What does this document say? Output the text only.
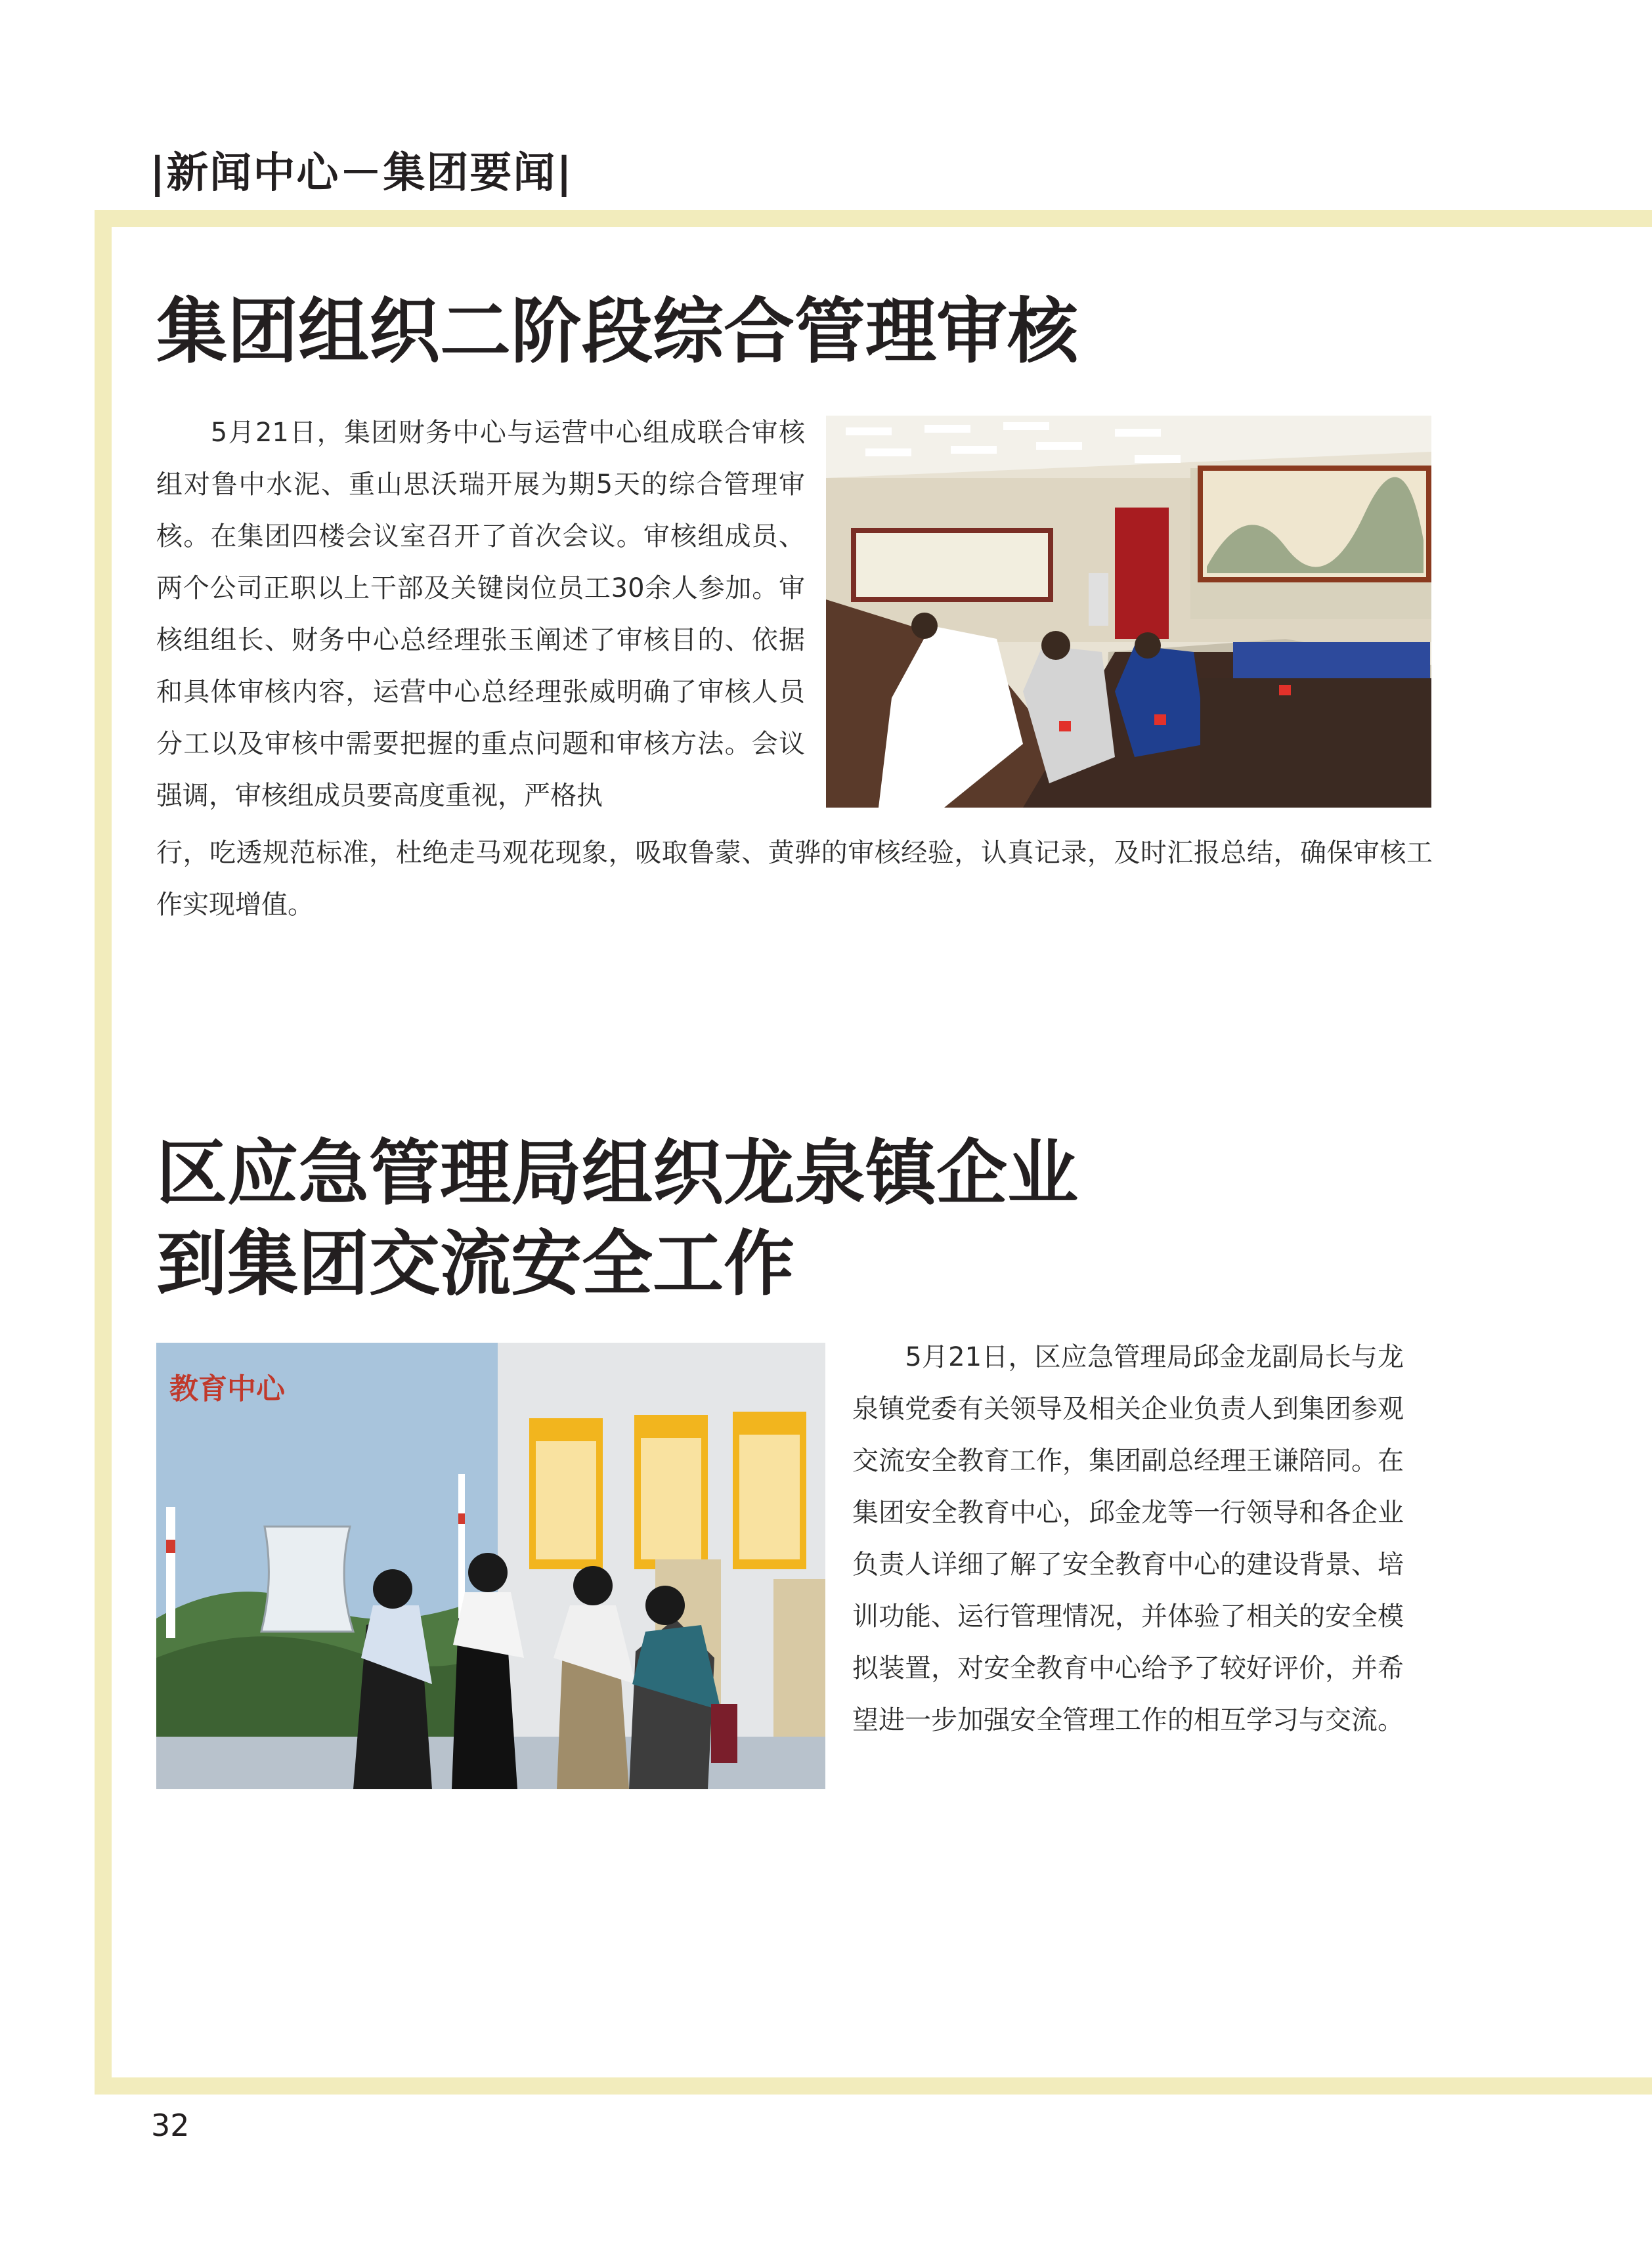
|新闻中心－集团要闻|
集团组织二阶段综合管理审核

　　5月21日，集团财务中心与运营中心组成联合审核组对鲁中水泥、重山思沃瑞开展为期5天的综合管理审核。在集团四楼会议室召开了首次会议。审核组成员、两个公司正职以上干部及关键岗位员工30余人参加。审核组组长、财务中心总经理张玉阐述了审核目的、依据和具体审核内容，运营中心总经理张威明确了审核人员分工以及审核中需要把握的重点问题和审核方法。会议强调，审核组成员要高度重视，严格执

行，吃透规范标准，杜绝走马观花现象，吸取鲁蒙、黄骅的审核经验，认真记录，及时汇报总结，确保审核工作实现增值。

区应急管理局组织龙泉镇企业
到集团交流安全工作
教育中心

　　5月21日，区应急管理局邱金龙副局长与龙泉镇党委有关领导及相关企业负责人到集团参观交流安全教育工作，集团副总经理王谦陪同。在集团安全教育中心，邱金龙等一行领导和各企业负责人详细了解了安全教育中心的建设背景、培训功能、运行管理情况，并体验了相关的安全模拟装置，对安全教育中心给予了较好评价，并希望进一步加强安全管理工作的相互学习与交流。

32
